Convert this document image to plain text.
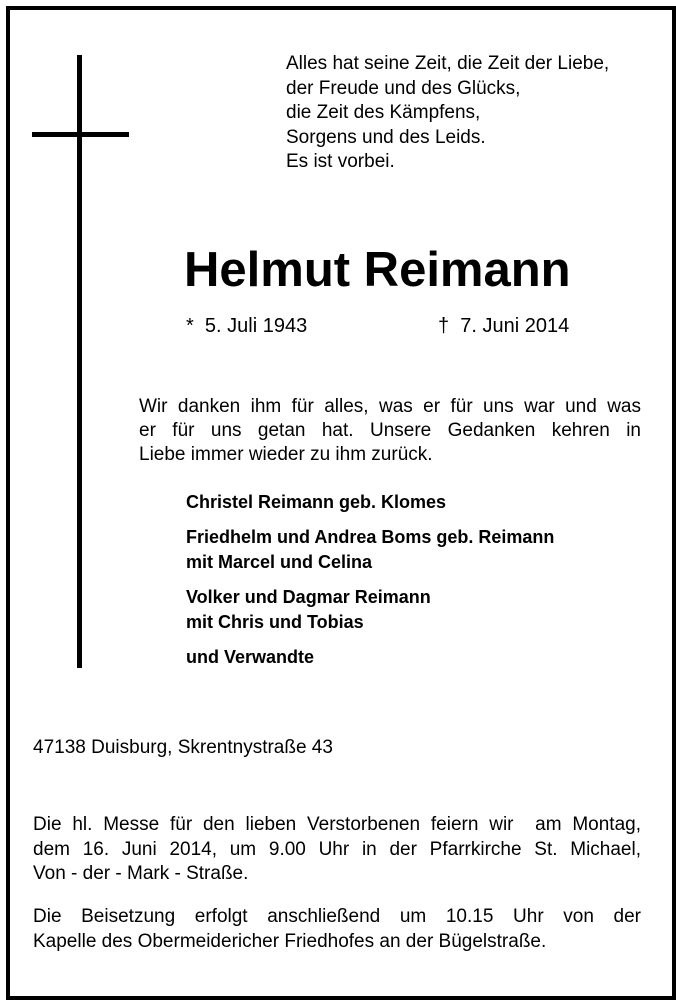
Alles hat seine Zeit, die Zeit der Liebe,
der Freude und des Glücks,
die Zeit des Kämpfens,
Sorgens und des Leids.
Es ist vorbei.
Helmut Reimann
*  5. Juli 1943	†  7. Juni 2014
Wir danken ihm für alles, was er für uns war und was
er für uns getan hat. Unsere Gedanken kehren in
Liebe immer wieder zu ihm zurück.
Christel Reimann geb. Klomes
Friedhelm und Andrea Boms geb. Reimann
mit Marcel und Celina
Volker und Dagmar Reimann
mit Chris und Tobias
und Verwandte
47138 Duisburg, Skrentnystraße 43
Die hl. Messe für den lieben Verstorbenen feiern wir  am Montag,
dem 16. Juni 2014, um 9.00 Uhr in der Pfarrkirche St. Michael,
Von - der - Mark - Straße.
Die Beisetzung erfolgt anschließend um 10.15 Uhr von der
Kapelle des Obermeidericher Friedhofes an der Bügelstraße.
